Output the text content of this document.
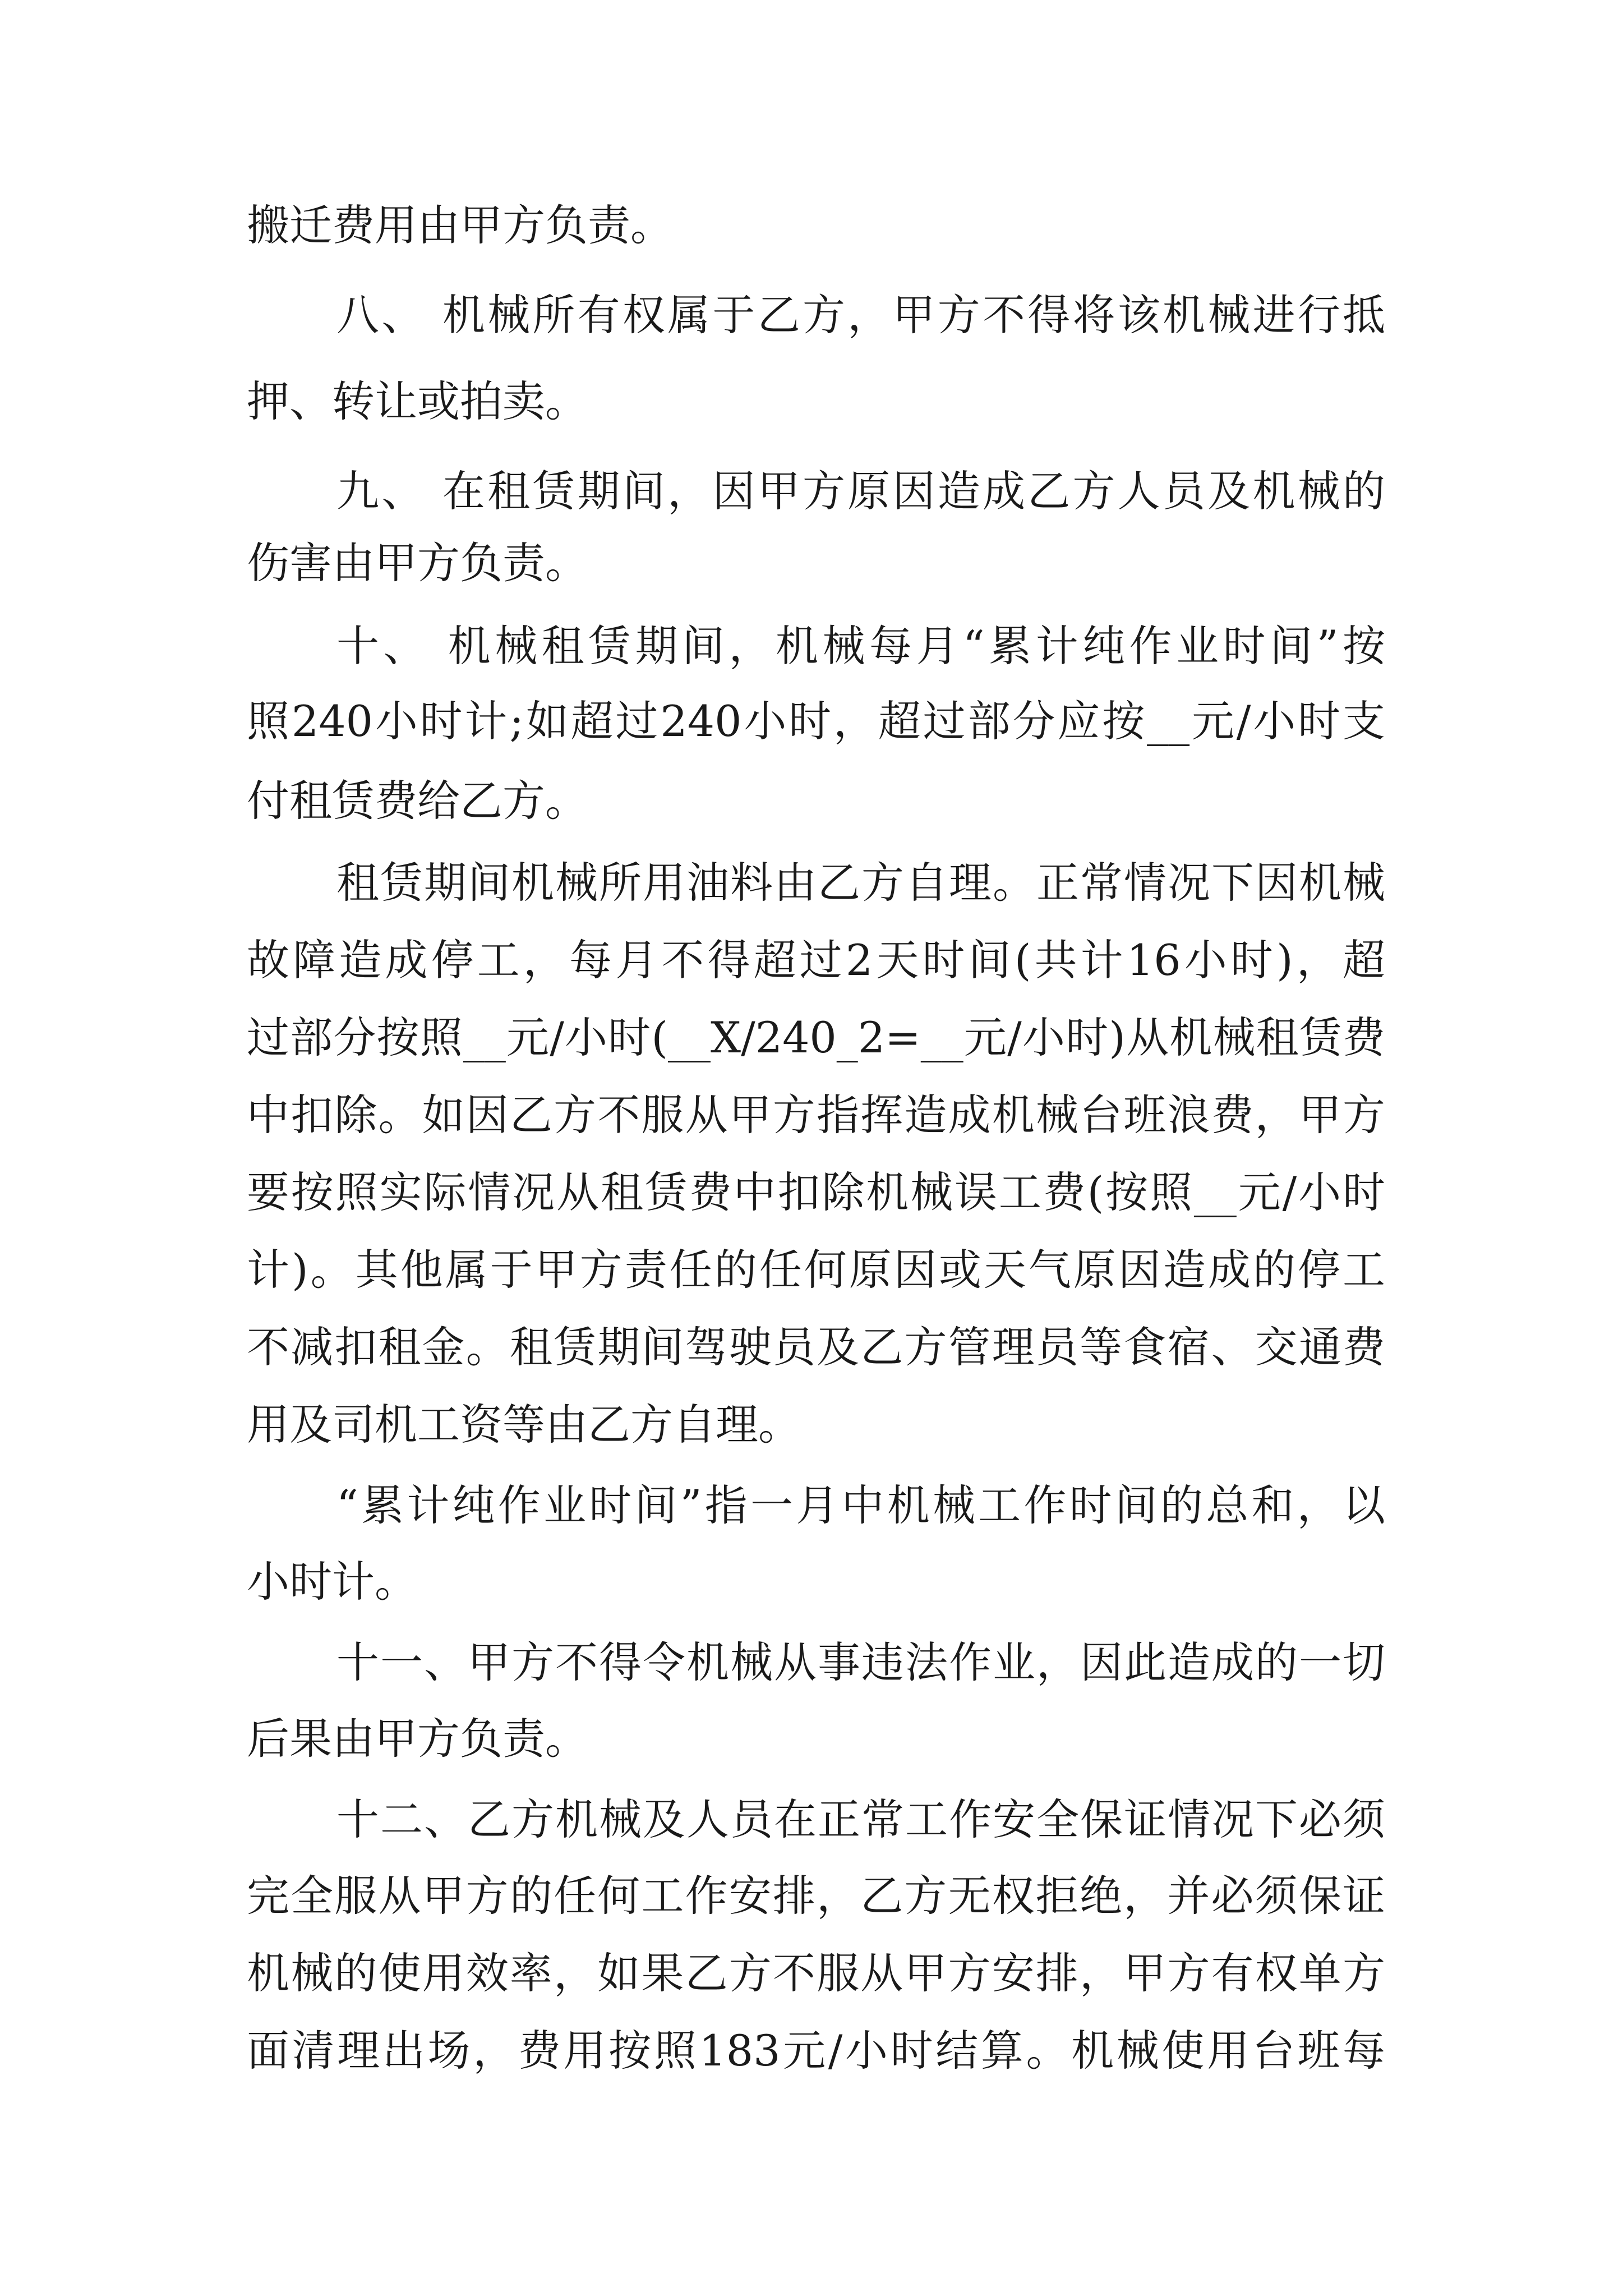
搬迁费用由甲方负责。

八、 机械所有权属于乙方，甲方不得将该机械进行抵

押、转让或拍卖。

九、 在租赁期间，因甲方原因造成乙方人员及机械的

伤害由甲方负责。

十、 机械租赁期间，机械每月“累计纯作业时间”按

照240小时计;如超过240小时，超过部分应按__元/小时支

付租赁费给乙方。

租赁期间机械所用油料由乙方自理。正常情况下因机械

故障造成停工，每月不得超过2天时间(共计16小时)，超

过部分按照__元/小时(__X/240_2=__元/小时)从机械租赁费

中扣除。如因乙方不服从甲方指挥造成机械台班浪费，甲方

要按照实际情况从租赁费中扣除机械误工费(按照__元/小时

计)。其他属于甲方责任的任何原因或天气原因造成的停工

不减扣租金。租赁期间驾驶员及乙方管理员等食宿、交通费

用及司机工资等由乙方自理。

“累计纯作业时间”指一月中机械工作时间的总和，以

小时计。

十一、甲方不得令机械从事违法作业，因此造成的一切

后果由甲方负责。

十二、乙方机械及人员在正常工作安全保证情况下必须

完全服从甲方的任何工作安排，乙方无权拒绝，并必须保证

机械的使用效率，如果乙方不服从甲方安排，甲方有权单方

面清理出场，费用按照183元/小时结算。机械使用台班每
